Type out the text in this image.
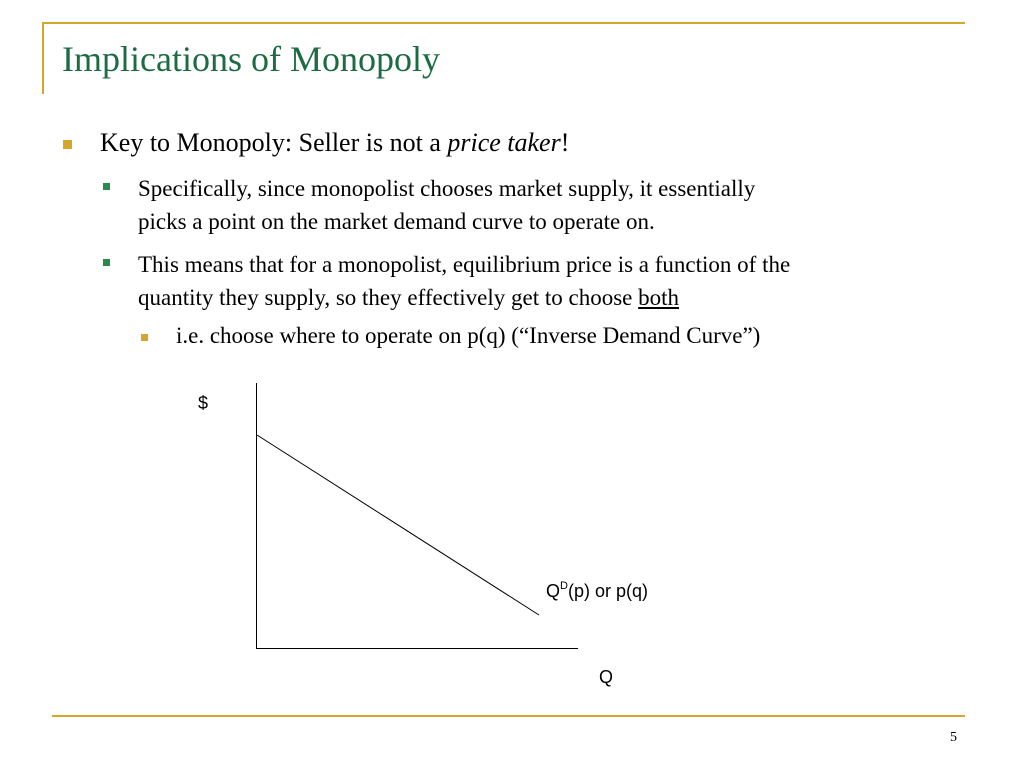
Implications of Monopoly
Key to Monopoly: Seller is not a price taker!
Specifically, since monopolist chooses market supply, it essentially
picks a point on the market demand curve to operate on.
This means that for a monopolist, equilibrium price is a function of the
quantity they supply, so they effectively get to choose both
i.e. choose where to operate on p(q) (“Inverse Demand Curve”)
$
Q
$Q^D(p)$ or p(q)
5
